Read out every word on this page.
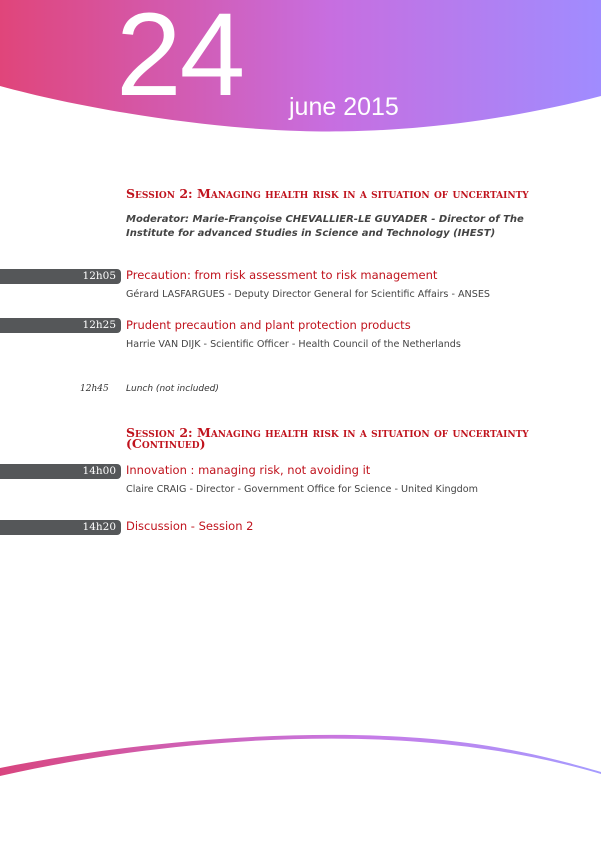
24 june 2015
Session 2: Managing health risk in a situation of uncertainty
Moderator: Marie-Françoise CHEVALLIER-LE GUYADER - Director of The Institute for advanced Studies in Science and Technology (IHEST)
12h05 Precaution: from risk assessment to risk management
Gérard LASFARGUES - Deputy Director General for Scientific Affairs - ANSES
12h25 Prudent precaution and plant protection products
Harrie VAN DIJK - Scientific Officer - Health Council of the Netherlands
12h45 Lunch (not included)
Session 2: Managing health risk in a situation of uncertainty
(Continued)
14h00 Innovation : managing risk, not avoiding it
Claire CRAIG - Director - Government Office for Science - United Kingdom
14h20 Discussion - Session 2
